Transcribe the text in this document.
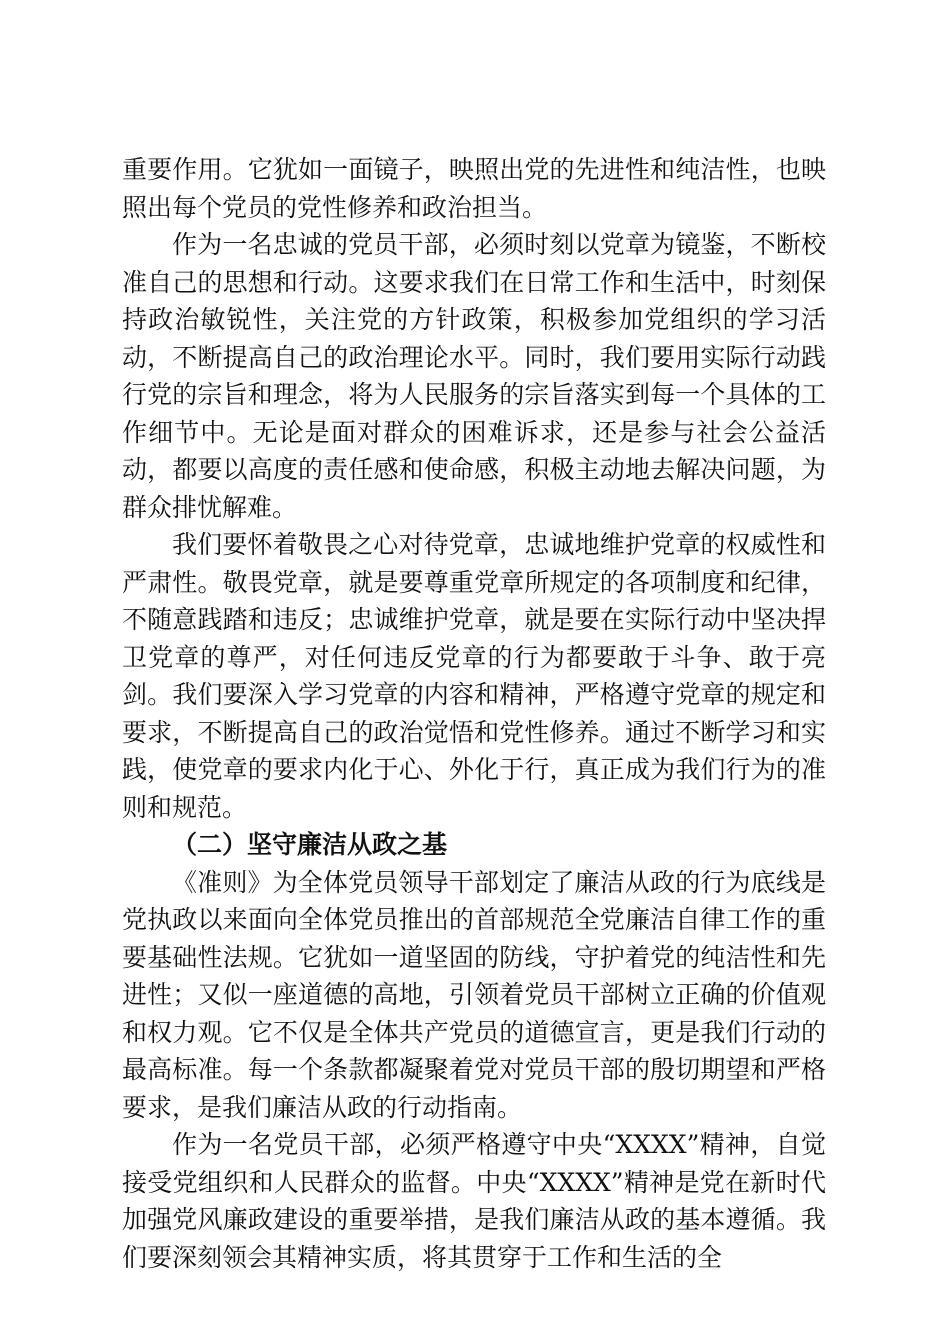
重要作用。它犹如一面镜子，映照出党的先进性和纯洁性，也映照出每个党员的党性修养和政治担当。

作为一名忠诚的党员干部，必须时刻以党章为镜鉴，不断校准自己的思想和行动。这要求我们在日常工作和生活中，时刻保持政治敏锐性，关注党的方针政策，积极参加党组织的学习活动，不断提高自己的政治理论水平。同时，我们要用实际行动践行党的宗旨和理念，将为人民服务的宗旨落实到每一个具体的工作细节中。无论是面对群众的困难诉求，还是参与社会公益活动，都要以高度的责任感和使命感，积极主动地去解决问题，为群众排忧解难。

我们要怀着敬畏之心对待党章，忠诚地维护党章的权威性和严肃性。敬畏党章，就是要尊重党章所规定的各项制度和纪律，不随意践踏和违反；忠诚维护党章，就是要在实际行动中坚决捍卫党章的尊严，对任何违反党章的行为都要敢于斗争、敢于亮剑。我们要深入学习党章的内容和精神，严格遵守党章的规定和要求，不断提高自己的政治觉悟和党性修养。通过不断学习和实践，使党章的要求内化于心、外化于行，真正成为我们行为的准则和规范。

（二）坚守廉洁从政之基

《准则》为全体党员领导干部划定了廉洁从政的行为底线是党执政以来面向全体党员推出的首部规范全党廉洁自律工作的重要基础性法规。它犹如一道坚固的防线，守护着党的纯洁性和先进性；又似一座道德的高地，引领着党员干部树立正确的价值观和权力观。它不仅是全体共产党员的道德宣言，更是我们行动的最高标准。每一个条款都凝聚着党对党员干部的殷切期望和严格要求，是我们廉洁从政的行动指南。

作为一名党员干部，必须严格遵守中央“XXXX”精神，自觉接受党组织和人民群众的监督。中央“XXXX”精神是党在新时代加强党风廉政建设的重要举措，是我们廉洁从政的基本遵循。我们要深刻领会其精神实质，将其贯穿于工作和生活的全
